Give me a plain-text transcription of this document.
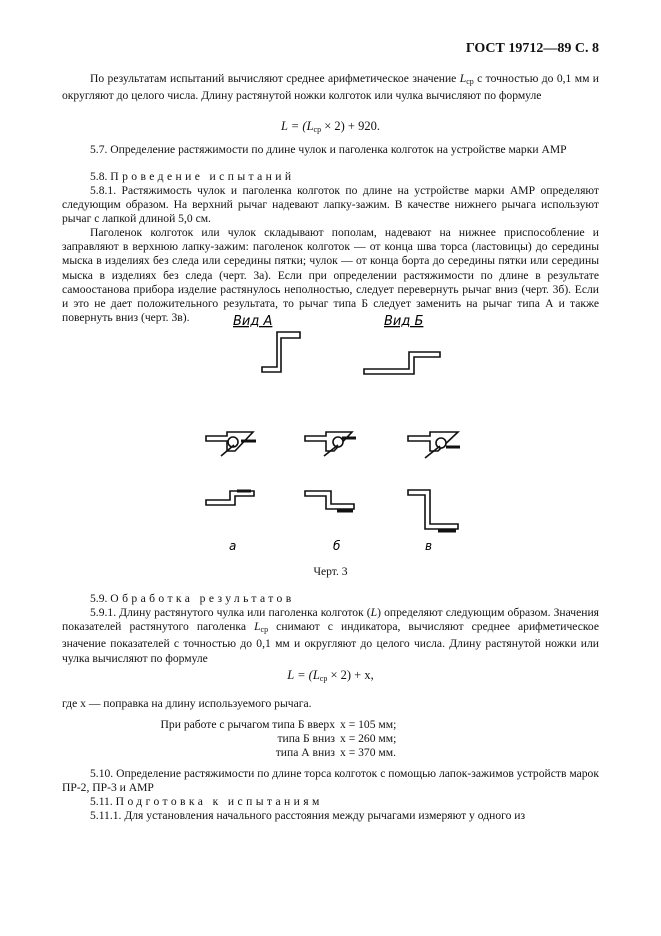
ГОСТ 19712—89 С. 8
По результатам испытаний вычисляют среднее арифметическое значение $L_{ср}$ с точностью до 0,1 мм и округляют до целого числа. Длину растянутой ножки колготок или чулка вычисляют по формуле
$L = (L_{ср} \times 2) + 920$.
5.7. Определение растяжимости по длине чулок и паголенка колготок на устройстве марки АМР
5.8. Проведение испытаний
5.8.1. Растяжимость чулок и паголенка колготок по длине на устройстве марки АМР определяют следующим образом. На верхний рычаг надевают лапку-зажим. В качестве нижнего рычага используют рычаг с лапкой длиной 5,0 см.
Паголенок колготок или чулок складывают пополам, надевают на нижнее приспособление и заправляют в верхнюю лапку-зажим: паголенок колготок — от конца шва торса (ластовицы) до середины мыска в изделиях без следа или середины пятки; чулок — от конца борта до середины пятки или середины мыска в изделиях без следа (черт. 3а). Если при определении растяжимости по длине в результате самоостанова прибора изделие растянулось неполностью, следует перевернуть рычаг вниз (черт. 3б). Если и это не дает положительного результата, то рычаг типа Б следует заменить на рычаг типа А и также повернуть вниз (черт. 3в).	Вид А	Вид Б
а	б	в
Черт. 3
5.9. Обработка результатов
5.9.1. Длину растянутого чулка или паголенка колготок (L) определяют следующим образом. Значения показателей растянутого паголенка $L_{ср}$ снимают с индикатора, вычисляют среднее арифметическое значение показателей с точностью до 0,1 мм и округляют до целого числа. Длину растянутой ножки или чулка вычисляют по формуле
$L = (L_{ср} \times 2) + x$,
где x — поправка на длину используемого рычага.
При работе с рычагом типа Б вверх x = 105 мм;
типа Б вниз x = 260 мм;
типа А вниз x = 370 мм.
5.10. Определение растяжимости по длине торса колготок с помощью лапок-зажимов устройств марок ПР-2, ПР-3 и АМР
5.11. Подготовка к испытаниям
5.11.1. Для установления начального расстояния между рычагами измеряют у одного из
